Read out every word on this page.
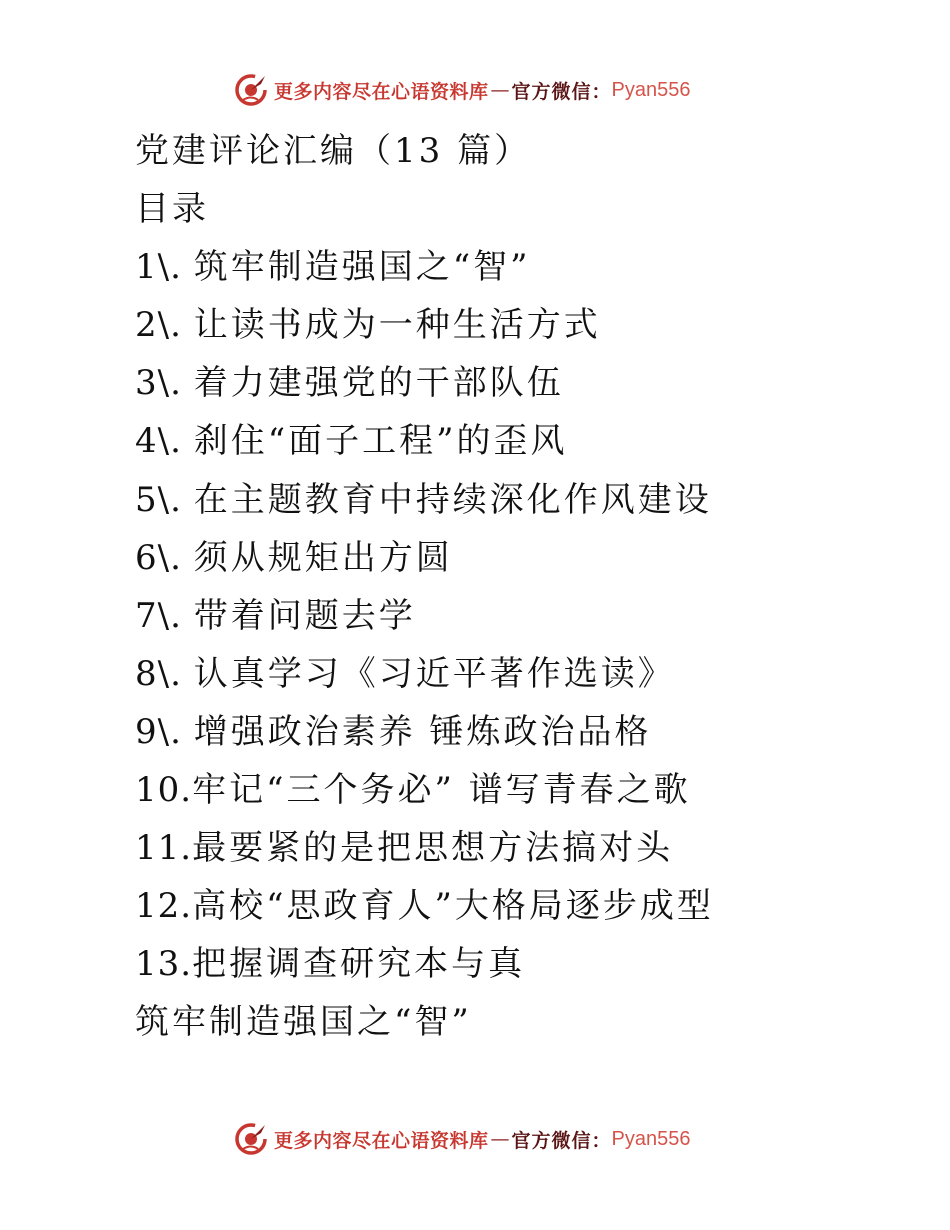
更多内容尽在心语资料库 — 官方微信： Pyan556
党建评论汇编（13 篇）
目录
1\. 筑牢制造强国之“智”
2\. 让读书成为一种生活方式
3\. 着力建强党的干部队伍
4\. 刹住“面子工程”的歪风
5\. 在主题教育中持续深化作风建设
6\. 须从规矩出方圆
7\. 带着问题去学
8\. 认真学习《习近平著作选读》
9\. 增强政治素养 锤炼政治品格
10.牢记“三个务必” 谱写青春之歌
11.最要紧的是把思想方法搞对头
12.高校“思政育人”大格局逐步成型
13.把握调查研究本与真
筑牢制造强国之“智”
更多内容尽在心语资料库 — 官方微信： Pyan556
